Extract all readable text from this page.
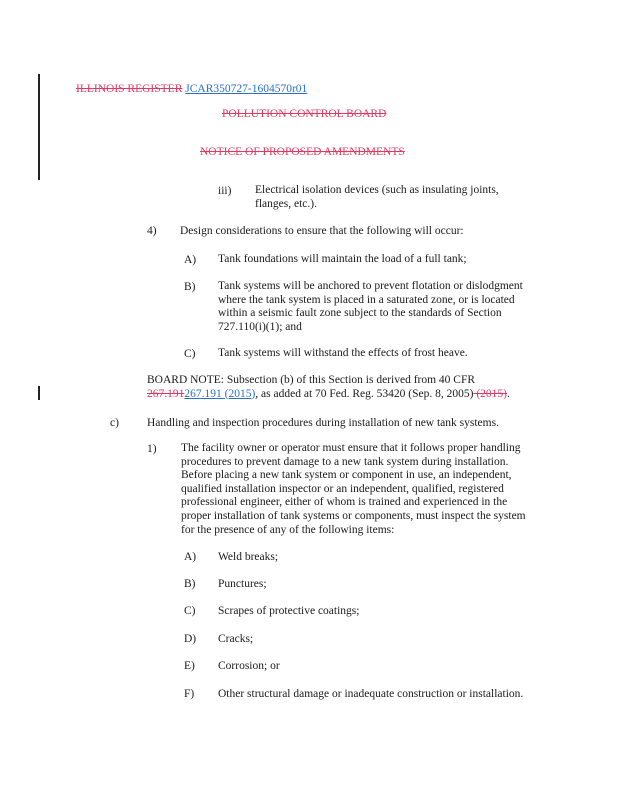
ILLINOIS REGISTER JCAR350727-1604570r01
POLLUTION CONTROL BOARD
NOTICE OF PROPOSED AMENDMENTS
iii) Electrical isolation devices (such as insulating joints,
flanges, etc.).
4) Design considerations to ensure that the following will occur:
A) Tank foundations will maintain the load of a full tank;
B) Tank systems will be anchored to prevent flotation or dislodgment
where the tank system is placed in a saturated zone, or is located
within a seismic fault zone subject to the standards of Section
727.110(i)(1); and
C) Tank systems will withstand the effects of frost heave.
BOARD NOTE: Subsection (b) of this Section is derived from 40 CFR
267.191267.191 (2015), as added at 70 Fed. Reg. 53420 (Sep. 8, 2005) (2015).
c) Handling and inspection procedures during installation of new tank systems.
1) The facility owner or operator must ensure that it follows proper handling
procedures to prevent damage to a new tank system during installation.
Before placing a new tank system or component in use, an independent,
qualified installation inspector or an independent, qualified, registered
professional engineer, either of whom is trained and experienced in the
proper installation of tank systems or components, must inspect the system
for the presence of any of the following items:
A) Weld breaks;
B) Punctures;
C) Scrapes of protective coatings;
D) Cracks;
E) Corrosion; or
F) Other structural damage or inadequate construction or installation.
